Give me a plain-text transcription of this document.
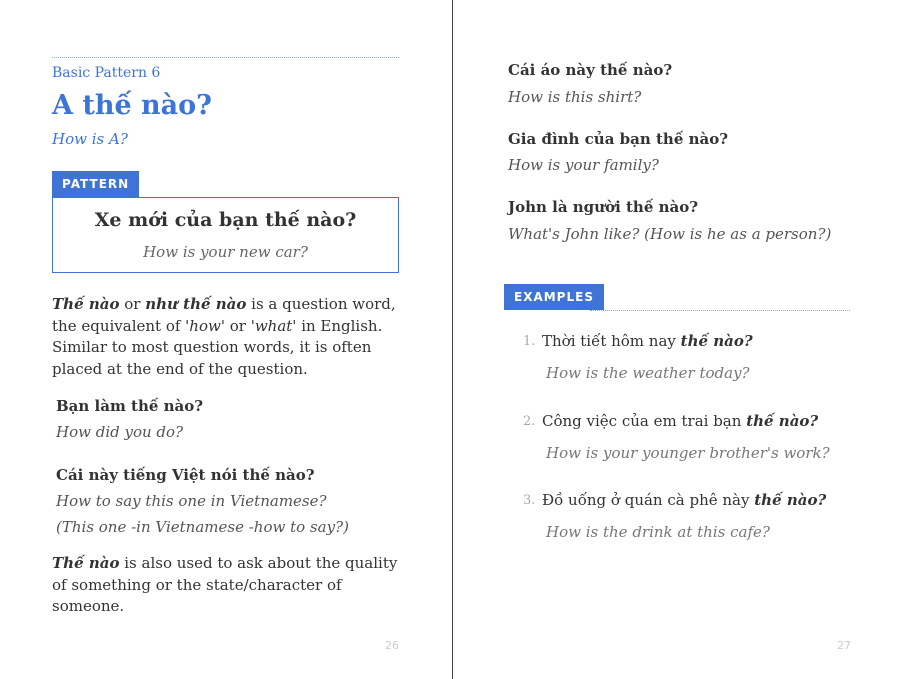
Basic Pattern 6
A thế nào?
How is A?
PATTERN
Xe mới của bạn thế nào?
How is your new car?
Thế nào or như thế nào is a question word, the equivalent of 'how' or 'what' in English. Similar to most question words, it is often placed at the end of the question.
Bạn làm thế nào?
How did you do?
Cái này tiếng Việt nói thế nào?
How to say this one in Vietnamese?
(This one -in Vietnamese -how to say?)
Thế nào is also used to ask about the quality of something or the state/character of someone.
26
Cái áo này thế nào?
How is this shirt?
Gia đình của bạn thế nào?
How is your family?
John là người thế nào?
What's John like? (How is he as a person?)
EXAMPLES
1. Thời tiết hôm nay thế nào?
How is the weather today?
2. Công việc của em trai bạn thế nào?
How is your younger brother's work?
3. Đồ uống ở quán cà phê này thế nào?
How is the drink at this cafe?
27
